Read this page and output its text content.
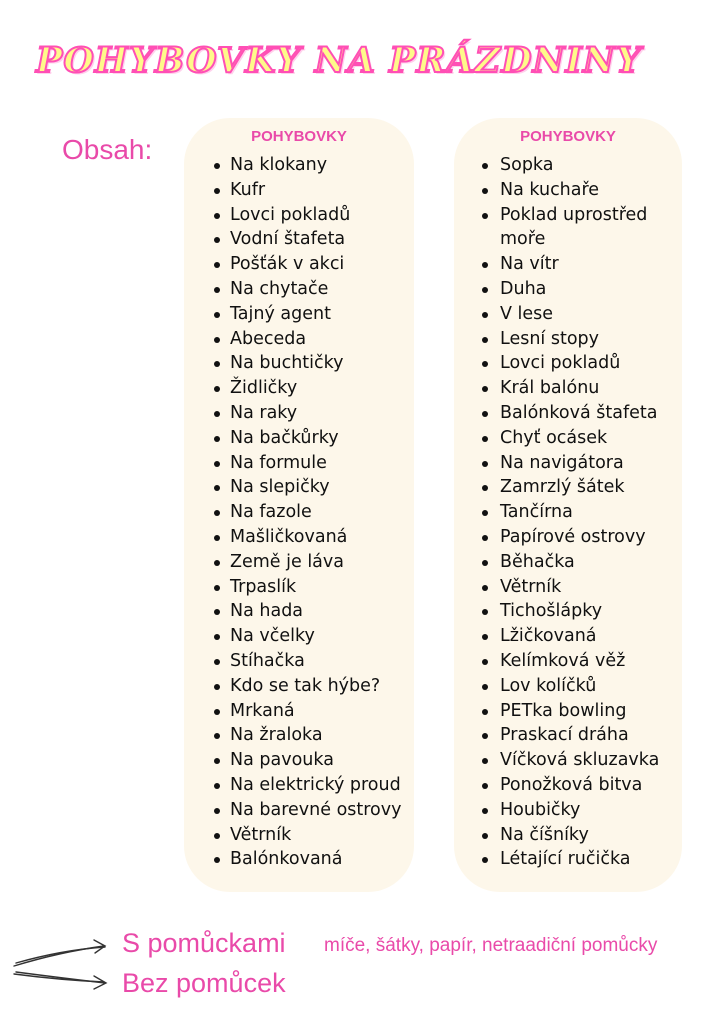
POHYBOVKY NA PRÁZDNINY
Obsah:	POHYBOVKY
Na klokany
Kufr
Lovci pokladů
Vodní štafeta
Pošťák v akci
Na chytače
Tajný agent
Abeceda
Na buchtičky
Židličky
Na raky
Na bačkůrky
Na formule
Na slepičky
Na fazole
Mašličkovaná
Země je láva
Trpaslík
Na hada
Na včelky
Stíhačka
Kdo se tak hýbe?
Mrkaná
Na žraloka
Na pavouka
Na elektrický proud
Na barevné ostrovy
Větrník
Balónkovaná
POHYBOVKY
Sopka
Na kuchaře
Poklad uprostřed moře
Na vítr
Duha
V lese
Lesní stopy
Lovci pokladů
Král balónu
Balónková štafeta
Chyť ocásek
Na navigátora
Zamrzlý šátek
Tančírna
Papírové ostrovy
Běhačka
Větrník
Tichošlápky
Lžičkovaná
Kelímková věž
Lov kolíčků
PETka bowling
Praskací dráha
Víčková skluzavka
Ponožková bitva
Houbičky
Na číšníky
Létající ručička
S pomůckami
Bez pomůcek
míče, šátky, papír, netraadiční pomůcky
